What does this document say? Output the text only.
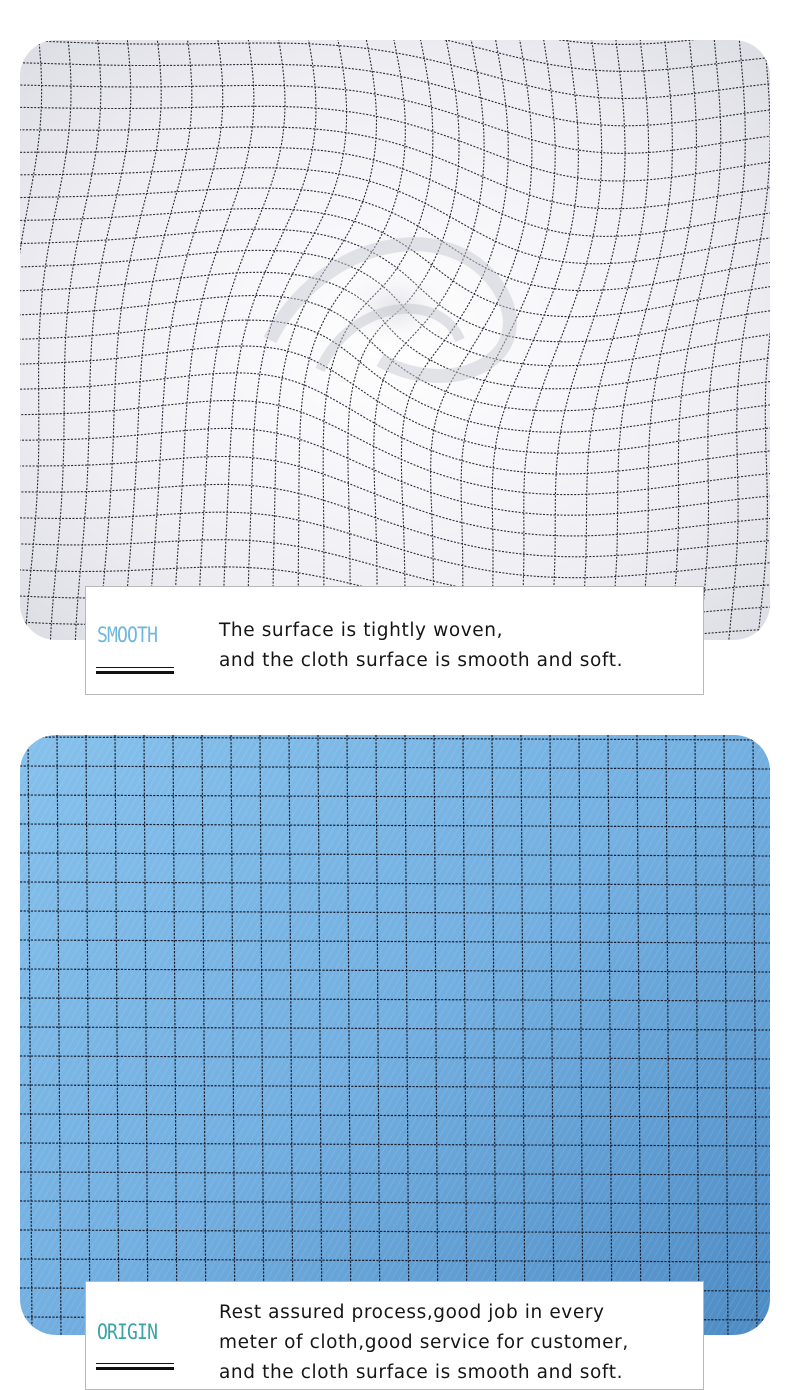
SMOOTH	The surface is tightly woven,
and the cloth surface is smooth and soft.
ORIGIN
Rest assured process,good job in every
meter of cloth,good service for customer,
and the cloth surface is smooth and soft.
